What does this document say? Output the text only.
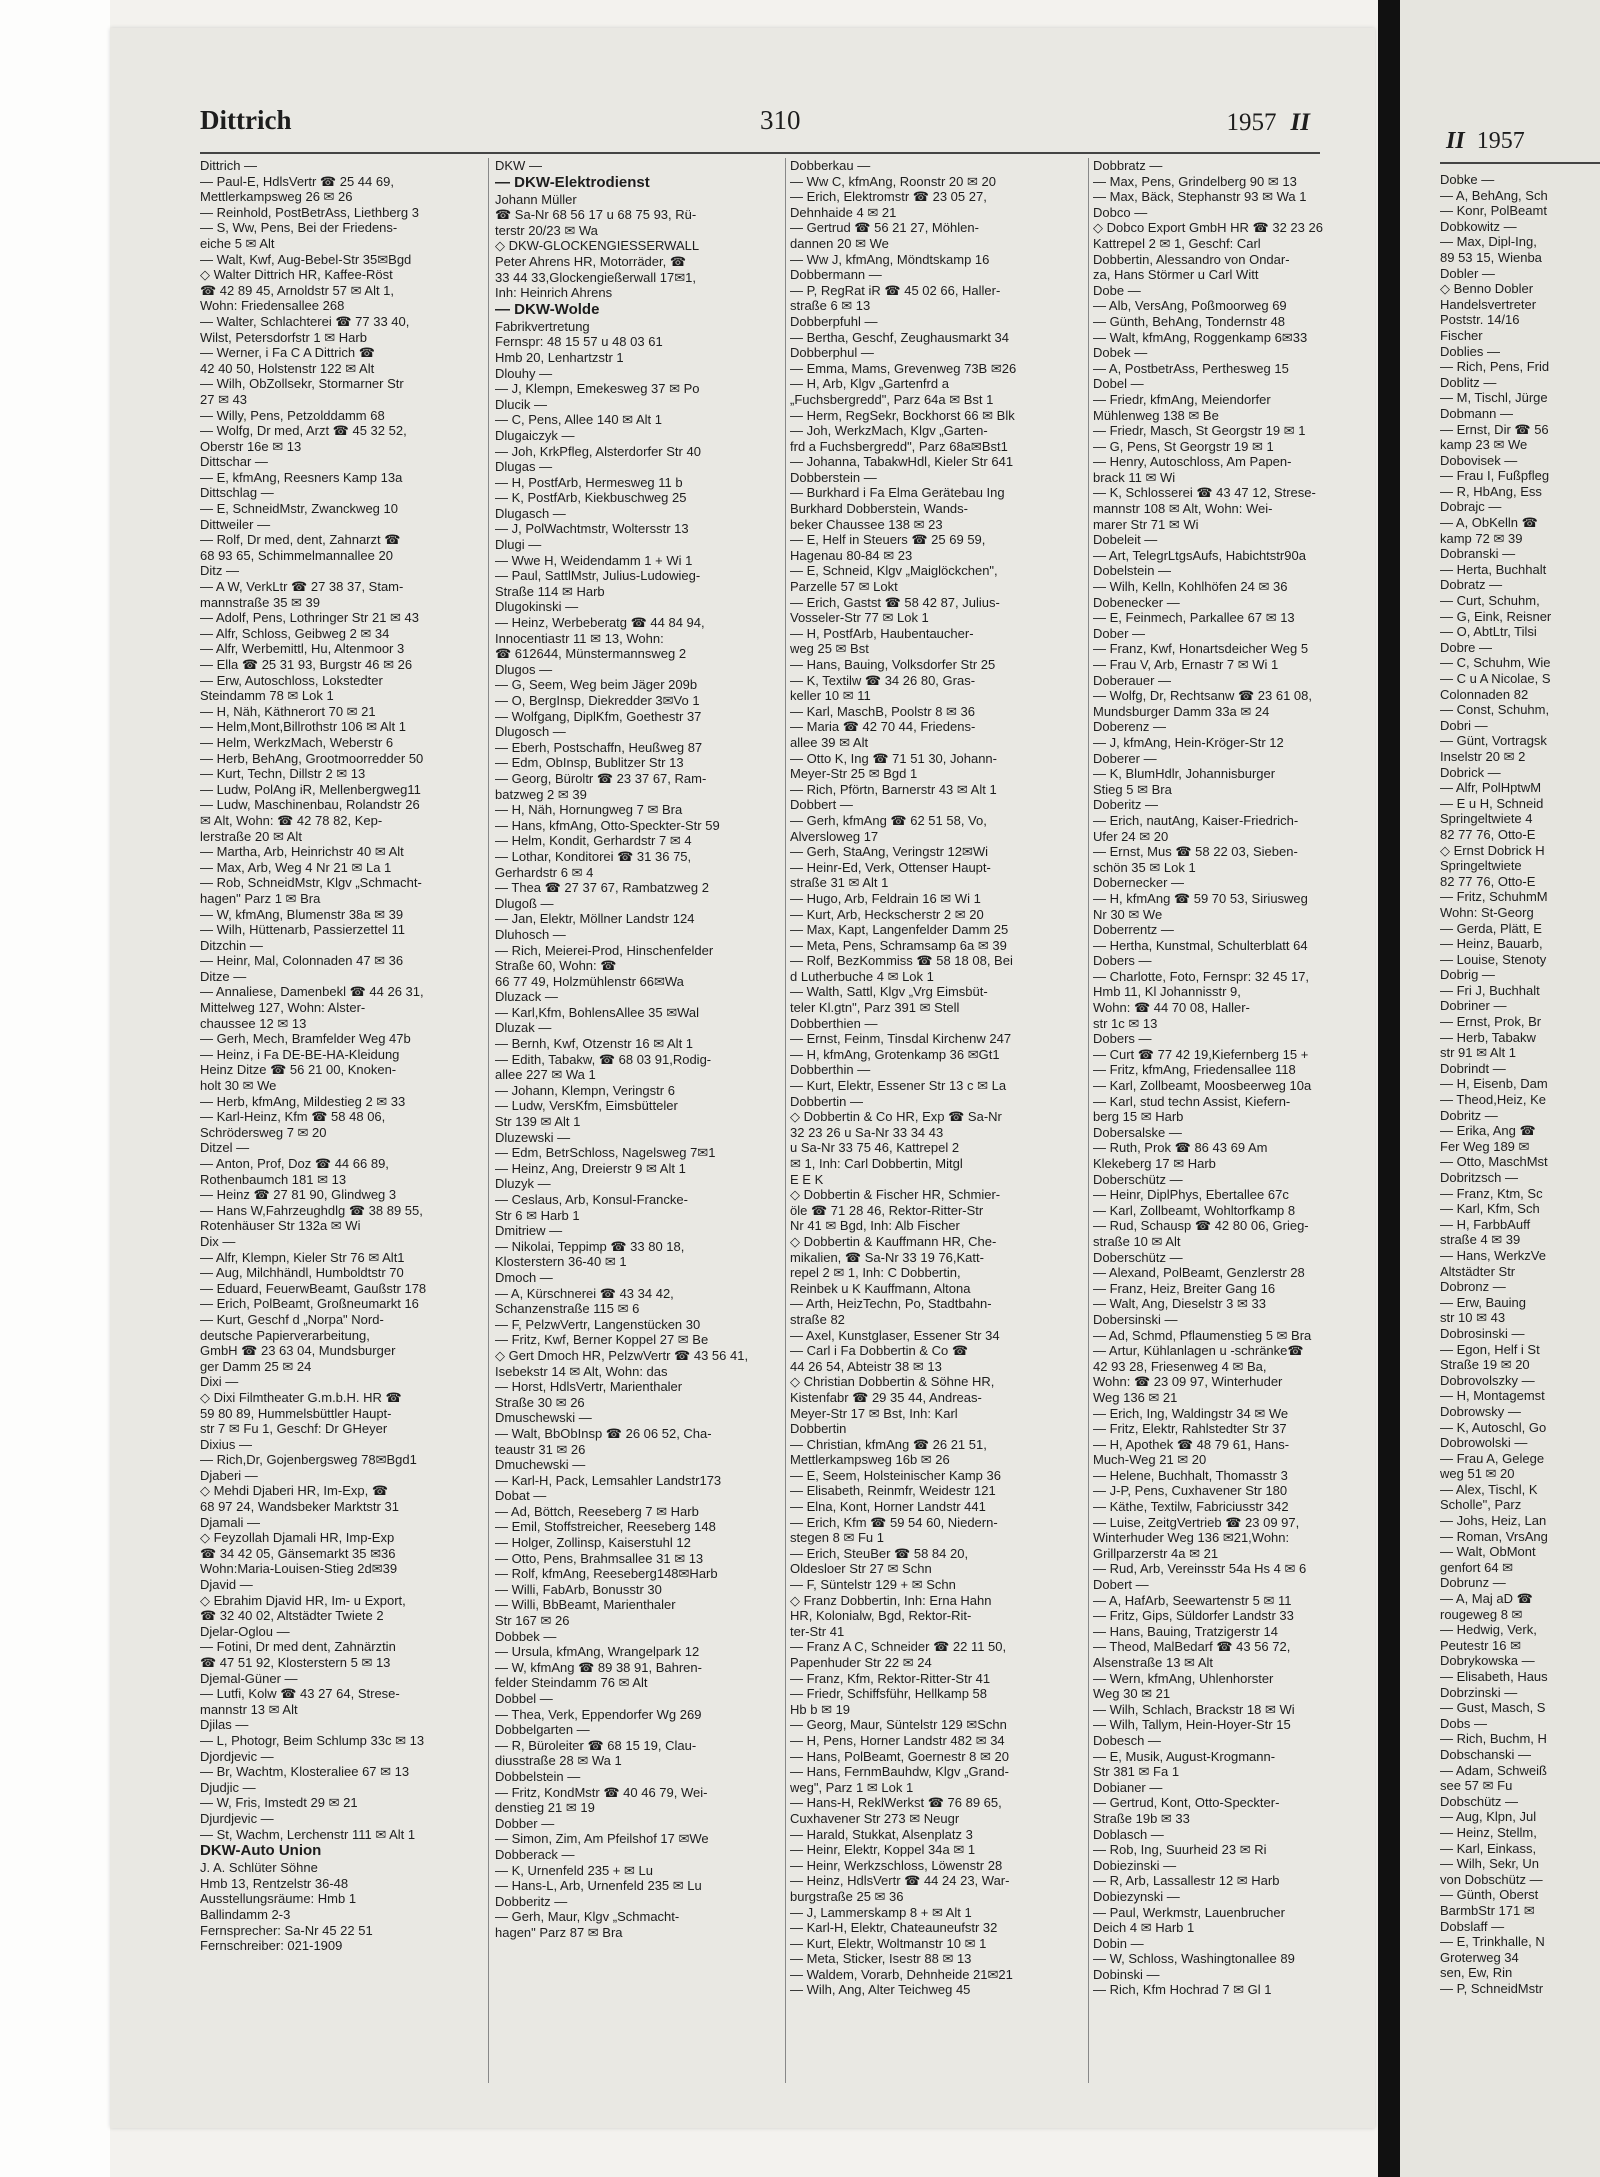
Dittrich	310	1957 II
Dittrich —
— Paul-E, HdlsVertr ☎ 25 44 69,
Mettlerkampsweg 26 ✉ 26
— Reinhold, PostBetrAss, Liethberg 3
— S, Ww, Pens, Bei der Friedens-
eiche 5 ✉ Alt
— Walt, Kwf, Aug-Bebel-Str 35✉Bgd
◇ Walter Dittrich HR, Kaffee-Röst
☎ 42 89 45, Arnoldstr 57 ✉ Alt 1,
Wohn: Friedensallee 268
— Walter, Schlachterei ☎ 77 33 40,
Wilst, Petersdorfstr 1 ✉ Harb
— Werner, i Fa C A Dittrich ☎
42 40 50, Holstenstr 122 ✉ Alt
— Wilh, ObZollsekr, Stormarner Str
27 ✉ 43
— Willy, Pens, Petzolddamm 68
— Wolfg, Dr med, Arzt ☎ 45 32 52,
Oberstr 16e ✉ 13
Dittschar —
— E, kfmAng, Reesners Kamp 13a
Dittschlag —
— E, SchneidMstr, Zwanckweg 10
Dittweiler —
— Rolf, Dr med, dent, Zahnarzt ☎
68 93 65, Schimmelmannallee 20
Ditz —
— A W, VerkLtr ☎ 27 38 37, Stam-
mannstraße 35 ✉ 39
— Adolf, Pens, Lothringer Str 21 ✉ 43
— Alfr, Schloss, Geibweg 2 ✉ 34
— Alfr, Werbemittl, Hu, Altenmoor 3
— Ella ☎ 25 31 93, Burgstr 46 ✉ 26
— Erw, Autoschloss, Lokstedter
Steindamm 78 ✉ Lok 1
— H, Näh, Käthnerort 70 ✉ 21
— Helm,Mont,Billrothstr 106 ✉ Alt 1
— Helm, WerkzMach, Weberstr 6
— Herb, BehAng, Grootmoorredder 50
— Kurt, Techn, Dillstr 2 ✉ 13
— Ludw, PolAng iR, Mellenbergweg11
— Ludw, Maschinenbau, Rolandstr 26
✉ Alt, Wohn: ☎ 42 78 82, Kep-
lerstraße 20 ✉ Alt
— Martha, Arb, Heinrichstr 40 ✉ Alt
— Max, Arb, Weg 4 Nr 21 ✉ La 1
— Rob, SchneidMstr, Klgv „Schmacht-
hagen" Parz 1 ✉ Bra
— W, kfmAng, Blumenstr 38a ✉ 39
— Wilh, Hüttenarb, Passierzettel 11
Ditzchin —
— Heinr, Mal, Colonnaden 47 ✉ 36
Ditze —
— Annaliese, Damenbekl ☎ 44 26 31,
Mittelweg 127, Wohn: Alster-
chaussee 12 ✉ 13
— Gerh, Mech, Bramfelder Weg 47b
— Heinz, i Fa DE-BE-HA-Kleidung
Heinz Ditze ☎ 56 21 00, Knoken-
holt 30 ✉ We
— Herb, kfmAng, Mildestieg 2 ✉ 33
— Karl-Heinz, Kfm ☎ 58 48 06,
Schrödersweg 7 ✉ 20
Ditzel —
— Anton, Prof, Doz ☎ 44 66 89,
Rothenbaumch 181 ✉ 13
— Heinz ☎ 27 81 90, Glindweg 3
— Hans W,Fahrzeughdlg ☎ 38 89 55,
Rotenhäuser Str 132a ✉ Wi
Dix —
— Alfr, Klempn, Kieler Str 76 ✉ Alt1
— Aug, Milchhändl, Humboldtstr 70
— Eduard, FeuerwBeamt, Gaußstr 178
— Erich, PolBeamt, Großneumarkt 16
— Kurt, Geschf d „Norpa" Nord-
deutsche Papierverarbeitung,
GmbH ☎ 23 63 04, Mundsburger
ger Damm 25 ✉ 24
Dixi —
◇ Dixi Filmtheater G.m.b.H. HR ☎
59 80 89, Hummelsbüttler Haupt-
str 7 ✉ Fu 1, Geschf: Dr GHeyer
Dixius —
— Rich,Dr, Gojenbergsweg 78✉Bgd1
Djaberi —
◇ Mehdi Djaberi HR, Im-Exp, ☎
68 97 24, Wandsbeker Marktstr 31
Djamali —
◇ Feyzollah Djamali HR, Imp-Exp
☎ 34 42 05, Gänsemarkt 35 ✉36
Wohn:Maria-Louisen-Stieg 2d✉39
Djavid —
◇ Ebrahim Djavid HR, Im- u Export,
☎ 32 40 02, Altstädter Twiete 2
Djelar-Oglou —
— Fotini, Dr med dent, Zahnärztin
☎ 47 51 92, Klosterstern 5 ✉ 13
Djemal-Güner —
— Lutfi, Kolw ☎ 43 27 64, Strese-
mannstr 13 ✉ Alt
Djilas —
— L, Photogr, Beim Schlump 33c ✉ 13
Djordjevic —
— Br, Wachtm, Klosteraliee 67 ✉ 13
Djudjic —
— W, Fris, Imstedt 29 ✉ 21
Djurdjevic —
— St, Wachm, Lerchenstr 111 ✉ Alt 1
DKW-Auto Union
J. A. Schlüter Söhne
Hmb 13, Rentzelstr 36-48
Ausstellungsräume: Hmb 1
Ballindamm 2-3
Fernsprecher: Sa-Nr 45 22 51
Fernschreiber: 021-1909
DKW —
— DKW-Elektrodienst
Johann Müller
☎ Sa-Nr 68 56 17 u 68 75 93, Rü-
terstr 20/23 ✉ Wa
◇ DKW-GLOCKENGIESSERWALL
Peter Ahrens HR, Motorräder, ☎
33 44 33,Glockengießerwall 17✉1,
Inh: Heinrich Ahrens
— DKW-Wolde
Fabrikvertretung
Fernspr: 48 15 57 u 48 03 61
Hmb 20, Lenhartzstr 1
Dlouhy —
— J, Klempn, Emekesweg 37 ✉ Po
Dlucik —
— C, Pens, Allee 140 ✉ Alt 1
Dlugaiczyk —
— Joh, KrkPfleg, Alsterdorfer Str 40
Dlugas —
— H, PostfArb, Hermesweg 11 b
— K, PostfArb, Kiekbuschweg 25
Dlugasch —
— J, PolWachtmstr, Woltersstr 13
Dlugi —
— Wwe H, Weidendamm 1 + Wi 1
— Paul, SattlMstr, Julius-Ludowieg-
Straße 114 ✉ Harb
Dlugokinski —
— Heinz, Werbeberatg ☎ 44 84 94,
Innocentiastr 11 ✉ 13, Wohn:
☎ 612644, Münstermannsweg 2
Dlugos —
— G, Seem, Weg beim Jäger 209b
— O, BergInsp, Diekredder 3✉Vo 1
— Wolfgang, DiplKfm, Goethestr 37
Dlugosch —
— Eberh, Postschaffn, Heußweg 87
— Edm, ObInsp, Bublitzer Str 13
— Georg, Büroltr ☎ 23 37 67, Ram-
batzweg 2 ✉ 39
— H, Näh, Hornungweg 7 ✉ Bra
— Hans, kfmAng, Otto-Speckter-Str 59
— Helm, Kondit, Gerhardstr 7 ✉ 4
— Lothar, Konditorei ☎ 31 36 75,
Gerhardstr 6 ✉ 4
— Thea ☎ 27 37 67, Rambatzweg 2
Dlugoß —
— Jan, Elektr, Möllner Landstr 124
Dluhosch —
— Rich, Meierei-Prod, Hinschenfelder
Straße 60, Wohn: ☎
66 77 49, Holzmühlenstr 66✉Wa
Dluzack —
— Karl,Kfm, BohlensAllee 35 ✉Wal
Dluzak —
— Bernh, Kwf, Otzenstr 16 ✉ Alt 1
— Edith, Tabakw, ☎ 68 03 91,Rodig-
allee 227 ✉ Wa 1
— Johann, Klempn, Veringstr 6
— Ludw, VersKfm, Eimsbütteler
Str 139 ✉ Alt 1
Dluzewski —
— Edm, BetrSchloss, Nagelsweg 7✉1
— Heinz, Ang, Dreierstr 9 ✉ Alt 1
Dluzyk —
— Ceslaus, Arb, Konsul-Francke-
Str 6 ✉ Harb 1
Dmitriew —
— Nikolai, Teppimp ☎ 33 80 18,
Klosterstern 36-40 ✉ 1
Dmoch —
— A, Kürschnerei ☎ 43 34 42,
Schanzenstraße 115 ✉ 6
— F, PelzwVertr, Langenstücken 30
— Fritz, Kwf, Berner Koppel 27 ✉ Be
◇ Gert Dmoch HR, PelzwVertr ☎ 43 56 41,
Isebekstr 14 ✉ Alt, Wohn: das
— Horst, HdlsVertr, Marienthaler
Straße 30 ✉ 26
Dmuschewski —
— Walt, BbObInsp ☎ 26 06 52, Cha-
teaustr 31 ✉ 26
Dmuchewski —
— Karl-H, Pack, Lemsahler Landstr173
Dobat —
— Ad, Böttch, Reeseberg 7 ✉ Harb
— Emil, Stoffstreicher, Reeseberg 148
— Holger, Zollinsp, Kaiserstuhl 12
— Otto, Pens, Brahmsallee 31 ✉ 13
— Rolf, kfmAng, Reeseberg148✉Harb
— Willi, FabArb, Bonusstr 30
— Willi, BbBeamt, Marienthaler
Str 167 ✉ 26
Dobbek —
— Ursula, kfmAng, Wrangelpark 12
— W, kfmAng ☎ 89 38 91, Bahren-
felder Steindamm 76 ✉ Alt
Dobbel —
— Thea, Verk, Eppendorfer Wg 269
Dobbelgarten —
— R, Büroleiter ☎ 68 15 19, Clau-
diusstraße 28 ✉ Wa 1
Dobbelstein —
— Fritz, KondMstr ☎ 40 46 79, Wei-
denstieg 21 ✉ 19
Dobber —
— Simon, Zim, Am Pfeilshof 17 ✉We
Dobberack —
— K, Urnenfeld 235 + ✉ Lu
— Hans-L, Arb, Urnenfeld 235 ✉ Lu
Dobberitz —
— Gerh, Maur, Klgv „Schmacht-
hagen" Parz 87 ✉ Bra
Dobberkau —
— Ww C, kfmAng, Roonstr 20 ✉ 20
— Erich, Elektromstr ☎ 23 05 27,
Dehnhaide 4 ✉ 21
— Gertrud ☎ 56 21 27, Möhlen-
dannen 20 ✉ We
— Ww J, kfmAng, Möndtskamp 16
Dobbermann —
— P, RegRat iR ☎ 45 02 66, Haller-
straße 6 ✉ 13
Dobberpfuhl —
— Bertha, Geschf, Zeughausmarkt 34
Dobberphul —
— Emma, Mams, Grevenweg 73B ✉26
— H, Arb, Klgv „Gartenfrd a
„Fuchsbergredd", Parz 64a ✉ Bst 1
— Herm, RegSekr, Bockhorst 66 ✉ Blk
— Joh, WerkzMach, Klgv „Garten-
frd a Fuchsbergredd", Parz 68a✉Bst1
— Johanna, TabakwHdl, Kieler Str 641
Dobberstein —
— Burkhard i Fa Elma Gerätebau Ing
Burkhard Dobberstein, Wands-
beker Chaussee 138 ✉ 23
— E, Helf in Steuers ☎ 25 69 59,
Hagenau 80-84 ✉ 23
— E, Schneid, Klgv „Maiglöckchen",
Parzelle 57 ✉ Lokt
— Erich, Gastst ☎ 58 42 87, Julius-
Vosseler-Str 77 ✉ Lok 1
— H, PostfArb, Haubentaucher-
weg 25 ✉ Bst
— Hans, Bauing, Volksdorfer Str 25
— K, Textilw ☎ 34 26 80, Gras-
keller 10 ✉ 11
— Karl, MaschB, Poolstr 8 ✉ 36
— Maria ☎ 42 70 44, Friedens-
allee 39 ✉ Alt
— Otto K, Ing ☎ 71 51 30, Johann-
Meyer-Str 25 ✉ Bgd 1
— Rich, Pförtn, Barnerstr 43 ✉ Alt 1
Dobbert —
— Gerh, kfmAng ☎ 62 51 58, Vo,
Alversloweg 17
— Gerh, StaAng, Veringstr 12✉Wi
— Heinr-Ed, Verk, Ottenser Haupt-
straße 31 ✉ Alt 1
— Hugo, Arb, Feldrain 16 ✉ Wi 1
— Kurt, Arb, Heckscherstr 2 ✉ 20
— Max, Kapt, Langenfelder Damm 25
— Meta, Pens, Schramsamp 6a ✉ 39
— Rolf, BezKommiss ☎ 58 18 08, Bei
d Lutherbuche 4 ✉ Lok 1
— Walth, Sattl, Klgv „Vrg Eimsbüt-
teler Kl.gtn", Parz 391 ✉ Stell
Dobberthien —
— Ernst, Feinm, Tinsdal Kirchenw 247
— H, kfmAng, Grotenkamp 36 ✉Gt1
Dobberthin —
— Kurt, Elektr, Essener Str 13 c ✉ La
Dobbertin —
◇ Dobbertin & Co HR, Exp ☎ Sa-Nr
32 23 26 u Sa-Nr 33 34 43
u Sa-Nr 33 75 46, Kattrepel 2
✉ 1, Inh: Carl Dobbertin, Mitgl
E E K
◇ Dobbertin & Fischer HR, Schmier-
öle ☎ 71 28 46, Rektor-Ritter-Str
Nr 41 ✉ Bgd, Inh: Alb Fischer
◇ Dobbertin & Kauffmann HR, Che-
mikalien, ☎ Sa-Nr 33 19 76,Katt-
repel 2 ✉ 1, Inh: C Dobbertin,
Reinbek u K Kauffmann, Altona
— Arth, HeizTechn, Po, Stadtbahn-
straße 82
— Axel, Kunstglaser, Essener Str 34
— Carl i Fa Dobbertin & Co ☎
44 26 54, Abteistr 38 ✉ 13
◇ Christian Dobbertin & Söhne HR,
Kistenfabr ☎ 29 35 44, Andreas-
Meyer-Str 17 ✉ Bst, Inh: Karl
Dobbertin
— Christian, kfmAng ☎ 26 21 51,
Mettlerkampsweg 16b ✉ 26
— E, Seem, Holsteinischer Kamp 36
— Elisabeth, Reinmfr, Weidestr 121
— Elna, Kont, Horner Landstr 441
— Erich, Kfm ☎ 59 54 60, Niedern-
stegen 8 ✉ Fu 1
— Erich, SteuBer ☎ 58 84 20,
Oldesloer Str 27 ✉ Schn
— F, Süntelstr 129 + ✉ Schn
◇ Franz Dobbertin, Inh: Erna Hahn
HR, Kolonialw, Bgd, Rektor-Rit-
ter-Str 41
— Franz A C, Schneider ☎ 22 11 50,
Papenhuder Str 22 ✉ 24
— Franz, Kfm, Rektor-Ritter-Str 41
— Friedr, Schiffsführ, Hellkamp 58
Hb b ✉ 19
— Georg, Maur, Süntelstr 129 ✉Schn
— H, Pens, Horner Landstr 482 ✉ 34
— Hans, PolBeamt, Goernestr 8 ✉ 20
— Hans, FernmBauhdw, Klgv „Grand-
weg", Parz 1 ✉ Lok 1
— Hans-H, ReklWerkst ☎ 76 89 65,
Cuxhavener Str 273 ✉ Neugr
— Harald, Stukkat, Alsenplatz 3
— Heinr, Elektr, Koppel 34a ✉ 1
— Heinr, Werkzschloss, Löwenstr 28
— Heinz, HdlsVertr ☎ 44 24 23, War-
burgstraße 25 ✉ 36
— J, Lammerskamp 8 + ✉ Alt 1
— Karl-H, Elektr, Chateauneufstr 32
— Kurt, Elektr, Woltmanstr 10 ✉ 1
— Meta, Sticker, Isestr 88 ✉ 13
— Waldem, Vorarb, Dehnheide 21✉21
— Wilh, Ang, Alter Teichweg 45
Dobbratz —
— Max, Pens, Grindelberg 90 ✉ 13
— Max, Bäck, Stephanstr 93 ✉ Wa 1
Dobco —
◇ Dobco Export GmbH HR ☎ 32 23 26
Kattrepel 2 ✉ 1, Geschf: Carl
Dobbertin, Alessandro von Ondar-
za, Hans Störmer u Carl Witt
Dobe —
— Alb, VersAng, Poßmoorweg 69
— Günth, BehAng, Tondernstr 48
— Walt, kfmAng, Roggenkamp 6✉33
Dobek —
— A, PostbetrAss, Perthesweg 15
Dobel —
— Friedr, kfmAng, Meiendorfer
Mühlenweg 138 ✉ Be
— Friedr, Masch, St Georgstr 19 ✉ 1
— G, Pens, St Georgstr 19 ✉ 1
— Henry, Autoschloss, Am Papen-
brack 11 ✉ Wi
— K, Schlosserei ☎ 43 47 12, Strese-
mannstr 108 ✉ Alt, Wohn: Wei-
marer Str 71 ✉ Wi
Dobeleit —
— Art, TelegrLtgsAufs, Habichtstr90a
Dobelstein —
— Wilh, Kelln, Kohlhöfen 24 ✉ 36
Dobenecker —
— E, Feinmech, Parkallee 67 ✉ 13
Dober —
— Franz, Kwf, Honartsdeicher Weg 5
— Frau V, Arb, Ernastr 7 ✉ Wi 1
Doberauer —
— Wolfg, Dr, Rechtsanw ☎ 23 61 08,
Mundsburger Damm 33a ✉ 24
Doberenz —
— J, kfmAng, Hein-Kröger-Str 12
Doberer —
— K, BlumHdlr, Johannisburger
Stieg 5 ✉ Bra
Doberitz —
— Erich, nautAng, Kaiser-Friedrich-
Ufer 24 ✉ 20
— Ernst, Mus ☎ 58 22 03, Sieben-
schön 35 ✉ Lok 1
Dobernecker —
— H, kfmAng ☎ 59 70 53, Siriusweg
Nr 30 ✉ We
Doberrentz —
— Hertha, Kunstmal, Schulterblatt 64
Dobers —
— Charlotte, Foto, Fernspr: 32 45 17,
Hmb 11, Kl Johannisstr 9,
Wohn: ☎ 44 70 08, Haller-
str 1c ✉ 13
Dobers —
— Curt ☎ 77 42 19,Kiefernberg 15 +
— Fritz, kfmAng, Friedensallee 118
— Karl, Zollbeamt, Moosbeerweg 10a
— Karl, stud techn Assist, Kiefern-
berg 15 ✉ Harb
Dobersalske —
— Ruth, Prok ☎ 86 43 69 Am
Klekeberg 17 ✉ Harb
Doberschütz —
— Heinr, DiplPhys, Ebertallee 67c
— Karl, Zollbeamt, Wohltorfkamp 8
— Rud, Schausp ☎ 42 80 06, Grieg-
straße 10 ✉ Alt
Doberschütz —
— Alexand, PolBeamt, Genzlerstr 28
— Franz, Heiz, Breiter Gang 16
— Walt, Ang, Dieselstr 3 ✉ 33
Dobersinski —
— Ad, Schmd, Pflaumenstieg 5 ✉ Bra
— Artur, Kühlanlagen u -schränke☎
42 93 28, Friesenweg 4 ✉ Ba,
Wohn: ☎ 23 09 97, Winterhuder
Weg 136 ✉ 21
— Erich, Ing, Waldingstr 34 ✉ We
— Fritz, Elektr, Rahlstedter Str 37
— H, Apothek ☎ 48 79 61, Hans-
Much-Weg 21 ✉ 20
— Helene, Buchhalt, Thomasstr 3
— J-P, Pens, Cuxhavener Str 180
— Käthe, Textilw, Fabriciusstr 342
— Luise, ZeitgVertrieb ☎ 23 09 97,
Winterhuder Weg 136 ✉21,Wohn:
Grillparzerstr 4a ✉ 21
— Rud, Arb, Vereinsstr 54a Hs 4 ✉ 6
Dobert —
— A, HafArb, Seewartenstr 5 ✉ 11
— Fritz, Gips, Süldorfer Landstr 33
— Hans, Bauing, Tratzigerstr 14
— Theod, MalBedarf ☎ 43 56 72,
Alsenstraße 13 ✉ Alt
— Wern, kfmAng, Uhlenhorster
Weg 30 ✉ 21
— Wilh, Schlach, Brackstr 18 ✉ Wi
— Wilh, Tallym, Hein-Hoyer-Str 15
Dobesch —
— E, Musik, August-Krogmann-
Str 381 ✉ Fa 1
Dobianer —
— Gertrud, Kont, Otto-Speckter-
Straße 19b ✉ 33
Doblasch —
— Rob, Ing, Suurheid 23 ✉ Ri
Dobiezinski —
— R, Arb, Lassallestr 12 ✉ Harb
Dobiezynski —
— Paul, Werkmstr, Lauenbrucher
Deich 4 ✉ Harb 1
Dobin —
— W, Schloss, Washingtonallee 89
Dobinski —
— Rich, Kfm Hochrad 7 ✉ Gl 1
II 1957
Dobke —
— A, BehAng, Sch
— Konr, PolBeamt
Dobkowitz —
— Max, Dipl-Ing,
89 53 15, Wienba
Dobler —
◇ Benno Dobler
Handelsvertreter
Poststr. 14/16
Fischer
Doblies —
— Rich, Pens, Frid
Doblitz —
— M, Tischl, Jürge
Dobmann —
— Ernst, Dir ☎ 56
kamp 23 ✉ We
Dobovisek —
— Frau I, Fußpfleg
— R, HbAng, Ess
Dobrajc —
— A, ObKelln ☎
kamp 72 ✉ 39
Dobranski —
— Herta, Buchhalt
Dobratz —
— Curt, Schuhm,
— G, Eink, Reisner
— O, AbtLtr, Tilsi
Dobre —
— C, Schuhm, Wie
— C u A Nicolae, S
Colonnaden 82
— Const, Schuhm,
Dobri —
— Günt, Vortragsk
Inselstr 20 ✉ 2
Dobrick —
— Alfr, PolHptwM
— E u H, Schneid
Springeltwiete 4
82 77 76, Otto-E
◇ Ernst Dobrick H
Springeltwiete
82 77 76, Otto-E
— Fritz, SchuhmM
Wohn: St-Georg
— Gerda, Plätt, E
— Heinz, Bauarb,
— Louise, Stenoty
Dobrig —
— Fri J, Buchhalt
Dobriner —
— Ernst, Prok, Br
— Herb, Tabakw
str 91 ✉ Alt 1
Dobrindt —
— H, Eisenb, Dam
— Theod,Heiz, Ke
Dobritz —
— Erika, Ang ☎
Fer Weg 189 ✉
— Otto, MaschMst
Dobritzsch —
— Franz, Ktm, Sc
— Karl, Kfm, Sch
— H, FarbbAuff
straße 4 ✉ 39
— Hans, WerkzVe
Altstädter Str
Dobronz —
— Erw, Bauing
str 10 ✉ 43
Dobrosinski —
— Egon, Helf i St
Straße 19 ✉ 20
Dobrovolszky —
— H, Montagemst
Dobrowsky —
— K, Autoschl, Go
Dobrowolski —
— Frau A, Gelege
weg 51 ✉ 20
— Alex, Tischl, K
Scholle", Parz
— Johs, Heiz, Lan
— Roman, VrsAng
— Walt, ObMont
genfort 64 ✉
Dobrunz —
— A, Maj aD ☎
rougeweg 8 ✉
— Hedwig, Verk,
Peutestr 16 ✉
Dobrykowska —
— Elisabeth, Haus
Dobrzinski —
— Gust, Masch, S
Dobs —
— Rich, Buchm, H
Dobschanski —
— Adam, Schweiß
see 57 ✉ Fu
Dobschütz —
— Aug, Klpn, Jul
— Heinz, Stellm,
— Karl, Einkass,
— Wilh, Sekr, Un
von Dobschütz —
— Günth, Oberst
BarmbStr 171 ✉
Dobslaff —
— E, Trinkhalle, N
Groterweg 34
sen, Ew, Rin
— P, SchneidMstr
